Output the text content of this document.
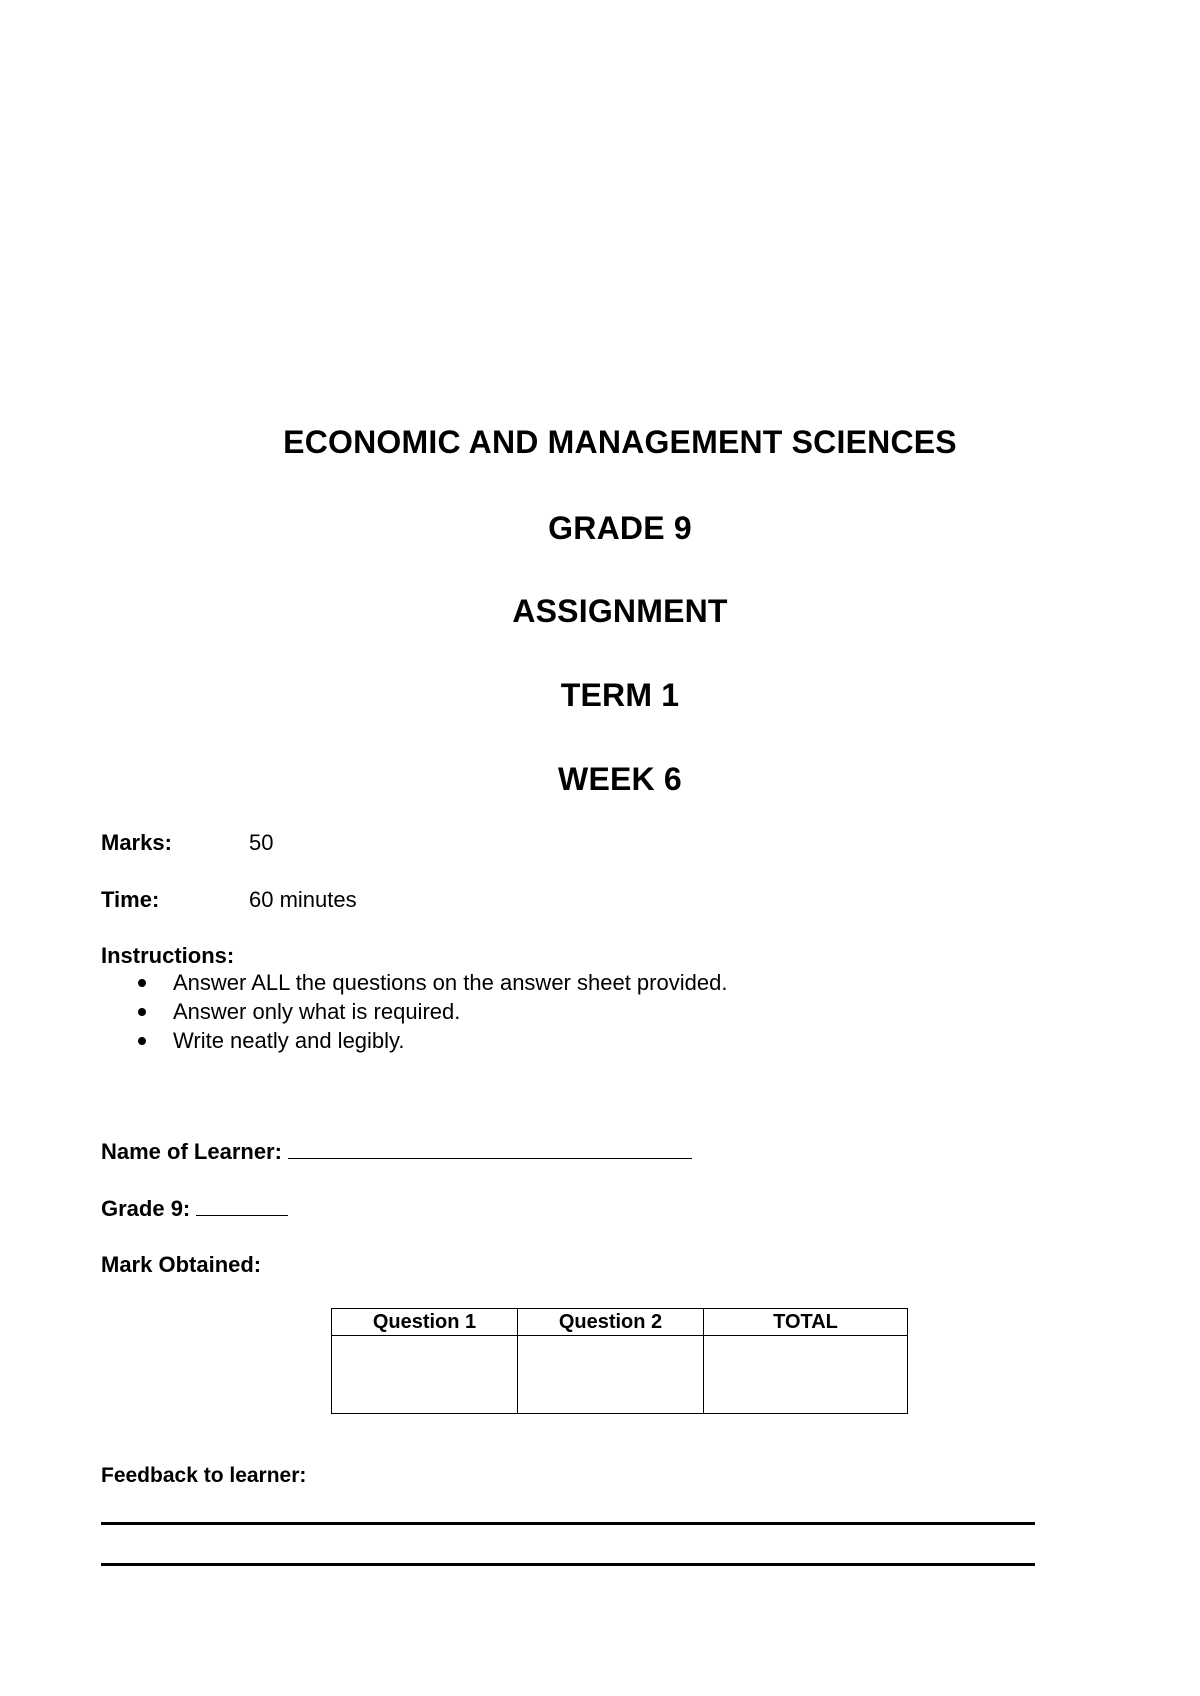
ECONOMIC AND MANAGEMENT SCIENCES
GRADE 9
ASSIGNMENT
TERM 1
WEEK 6
Marks:	50
Time:	60 minutes
Instructions:
Answer ALL the questions on the answer sheet provided.
Answer only what is required.
Write neatly and legibly.
Name of Learner:
Grade 9:
Mark Obtained:
Question 1	Question 2	TOTAL

Feedback to learner:
